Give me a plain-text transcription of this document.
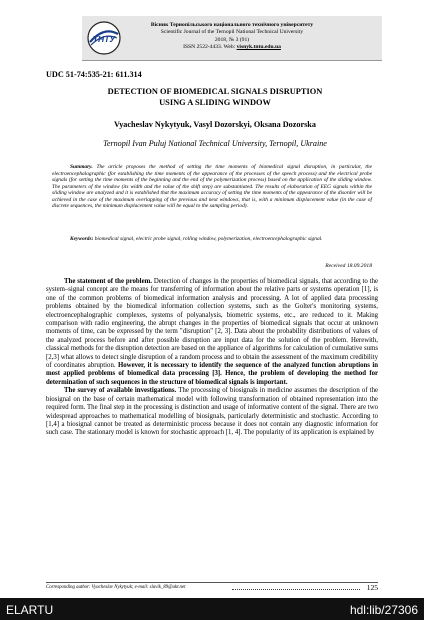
Вісник Тернопільського національного технічного університету

Scientific Journal of the Ternopil National Technical University

2018, № 3 (91)

ISSN 2522-4433. Web: visnyk.tntu.edu.ua

ТНТУ
UDC 51-74:535-21: 611.314
DETECTION OF BIOMEDICAL SIGNALS DISRUPTION
USING A SLIDING WINDOW
Vyacheslav Nykytyuk, Vasyl Dozorskyi, Oksana Dozorska
Ternopil Ivan Puluj National Technical University, Ternopil, Ukraine
Summary. The article proposes the method of setting the time moments of biomedical signal disruption, in particular, the electroencephalographic (for establishing the time moments of the appearance of the processes of the speech process) and the electrical probe signals (for setting the time moments of the beginning and the end of the polymerization process) based on the application of the sliding window. The parameters of the window (its width and the value of the shift step) are substantiated. The results of elaboration of EEG signals within the sliding window are analyzed and it is established that the maximum accuracy of setting the time moments of the appearance of the disorder will be achieved in the case of the maximum overlapping of the previous and next windows, that is, with a minimum displacement value (in the case of discrete sequences, the minimum displacement value will be equal to the sampling period).
Keywords: biomedical signal, electric probe signal, rolling window, polymerization, electroencephalographic signal.
Received 18.09.2018

The statement of the problem. Detection of changes in the properties of biomedical signals, that according to the system–signal concept are the means for transferring of information about the relative parts or systems operation [1], is one of the common problems of biomedical information analysis and processing. A lot of applied data processing problems obtained by the biomedical information collection systems, such as the Golter's monitoring systems, electroencephalographic complexes, systems of polyanalysis, biometric systems, etc., are reduced to it. Making comparison with radio engineering, the abrupt changes in the properties of biomedical signals that occur at unknown moments of time, can be expressed by the term "disruption" [2, 3]. Data about the probability distributions of values of the analyzed process before and after possible disruption are input data for the solution of the problem. Herewith, classical methods for the disruption detection are based on the appliance of algorithms for calculation of cumulative sums [2,3] what allows to detect single disruption of a random process and to obtain the assessment of the maximum credibility of coordinates abruption. However, it is necessary to identify the sequence of the analyzed function abruptions in most applied problems of biomedical data processing [3]. Hence, the problem of developing the method for determination of such sequences in the structure of biomedical signals is important.

The survey of available investigations. The processing of biosignals in medicine assumes the description of the biosignal on the base of certain mathematical model with following transformation of obtained representation into the required form. The final step in the processing is distinction and usage of informative content of the signal. There are two widespread approaches to mathematical modelling of biosignals, particularly deterministic and stochastic. According to [1,4] a biosignal cannot be treated as deterministic process because it does not contain any diagnostic information for such case. The stationary model is known for stochastic approach [1, 4]. The popularity of its application is explained by

Corresponding author: Vyacheslav Nykytyuk; e-mail: slavik_89@ukr.net	125
ELARTU	hdl:lib/27306
